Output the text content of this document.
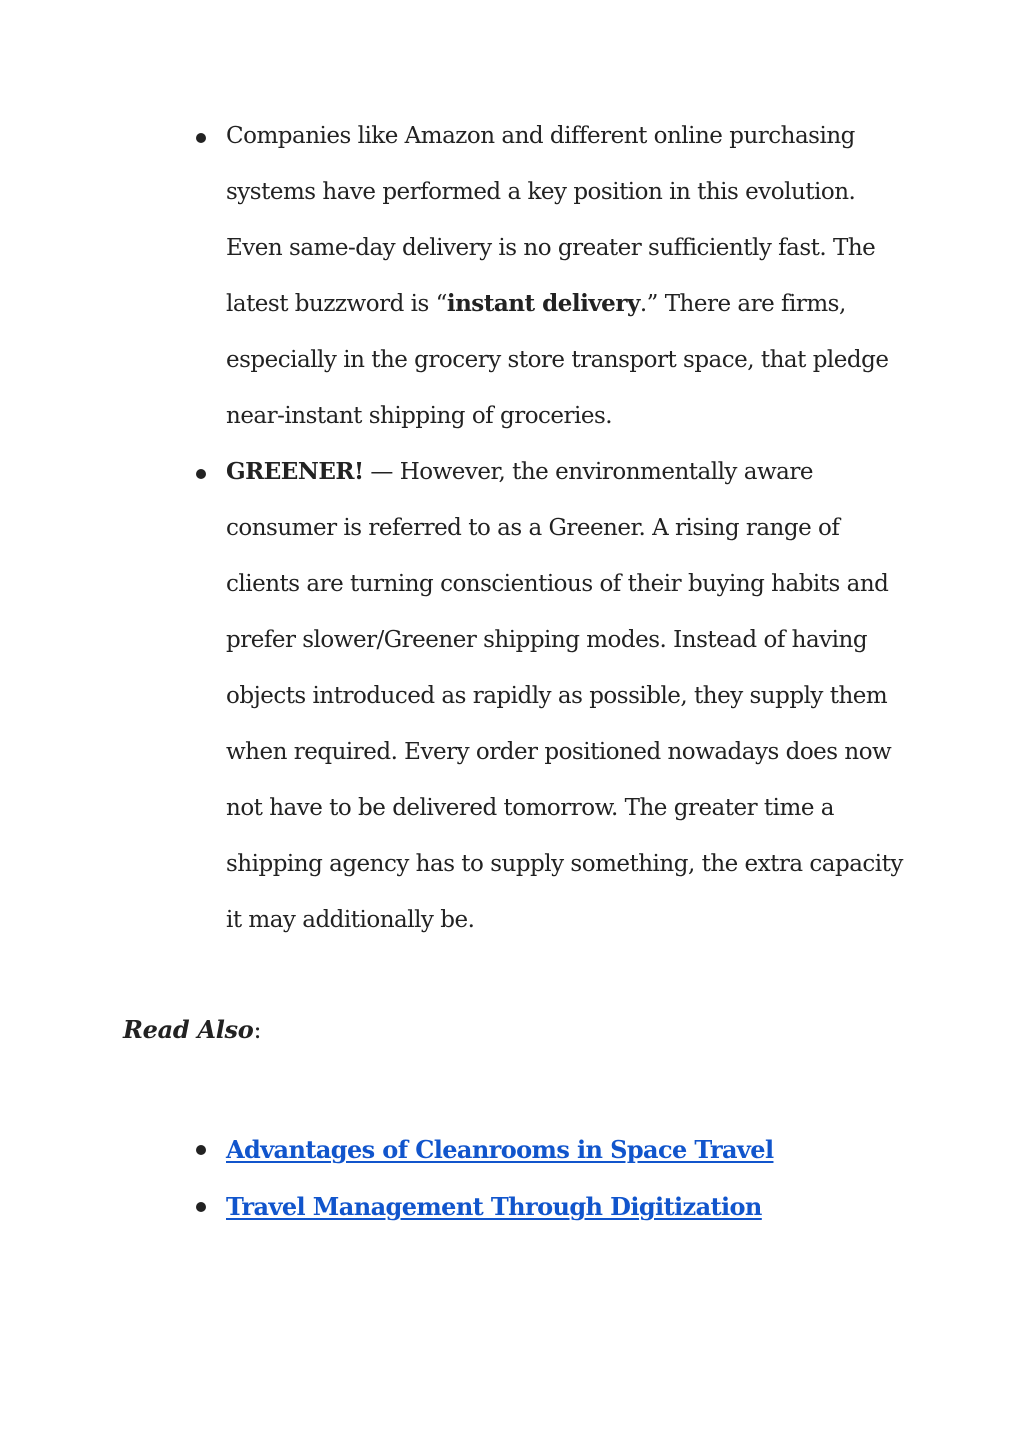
Companies like Amazon and different online purchasing systems have performed a key position in this evolution. Even same-day delivery is no greater sufficiently fast. The latest buzzword is “instant delivery.” There are firms, especially in the grocery store transport space, that pledge near-instant shipping of groceries.
GREENER! — However, the environmentally aware consumer is referred to as a Greener. A rising range of clients are turning conscientious of their buying habits and prefer slower/Greener shipping modes. Instead of having objects introduced as rapidly as possible, they supply them when required. Every order positioned nowadays does now not have to be delivered tomorrow. The greater time a shipping agency has to supply something, the extra capacity it may additionally be.
Read Also:
Advantages of Cleanrooms in Space Travel
Travel Management Through Digitization
